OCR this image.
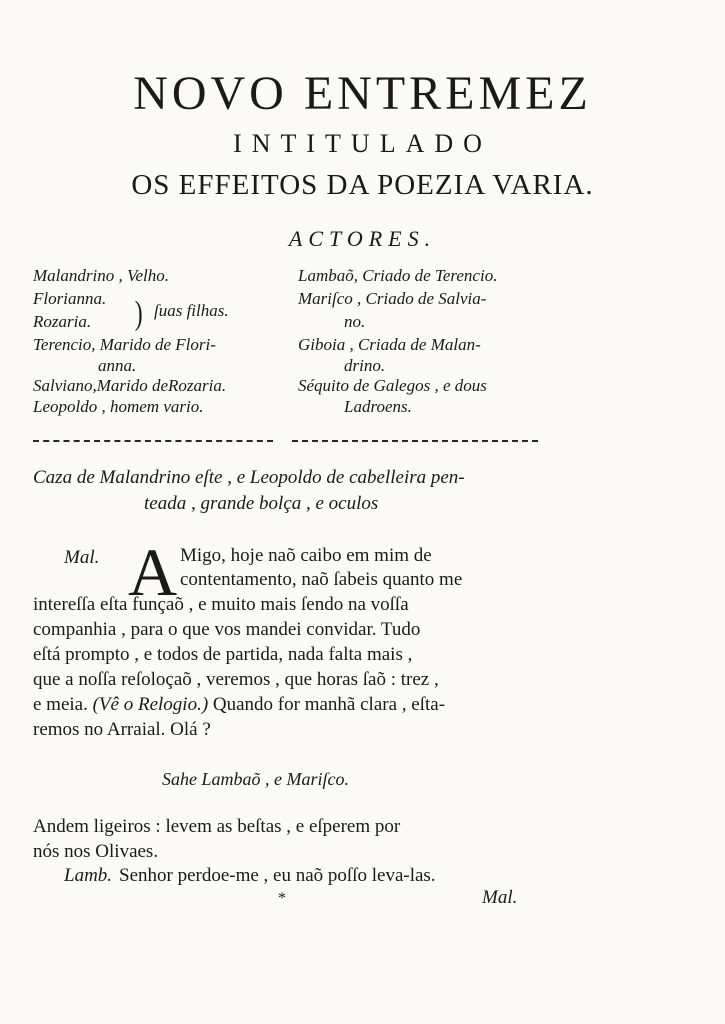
NOVO ENTREMEZ
INTITULADO
OS EFFEITOS DA POEZIA VARIA.
ACTORES.
Malandrino , Velho.
Florianna.
Rozaria. ) ſuas filhas.
Terencio, Marido de Flori-
anna.
Salviano,Marido deRozaria.
Leopoldo , homem vario.
Lambaõ, Criado de Terencio.
Mariſco , Criado de Salvia-
no.
Giboia , Criada de Malan-
drino.
Séquito de Galegos , e dous
Ladroens.
Caza de Malandrino eſte , e Leopoldo de cabelleira pen-
teada , grande bolça , e oculos
Mal. A Migo, hoje naõ caibo em mim de
contentamento, naõ ſabeis quanto me
intereſſa eſta funçaõ , e muito mais ſendo na voſſa
companhia , para o que vos mandei convidar. Tudo
eſtá prompto , e todos de partida, nada falta mais ,
que a noſſa reſoloçaõ , veremos , que horas ſaõ : trez ,
e meia. (Vê o Relogio.) Quando for manhã clara , eſta-
remos no Arraial. Olá ?
Sahe Lambaõ , e Mariſco.
Andem ligeiros : levem as beſtas , e eſperem por
nós nos Olivaes.
Lamb. Senhor perdoe-me , eu naõ poſſo leva-las.
*	Mal.
